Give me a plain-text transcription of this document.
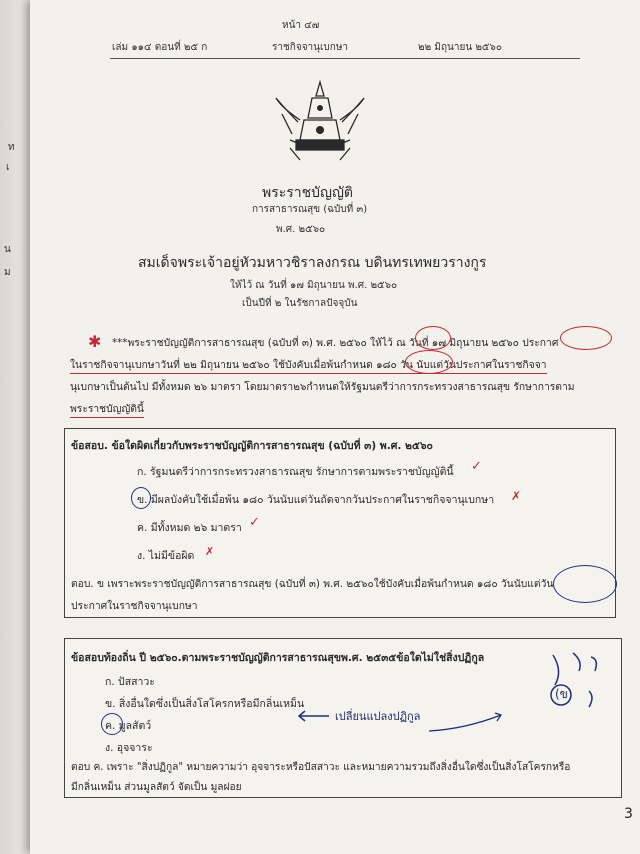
ท
เ
น
ม
หน้า ๔๗
เล่ม ๑๑๔ ตอนที่ ๒๕ ก	ราชกิจจานุเบกษา	๒๒ มิถุนายน ๒๕๖๐
พระราชบัญญัติ
การสาธารณสุข (ฉบับที่ ๓)
พ.ศ. ๒๕๖๐
สมเด็จพระเจ้าอยู่หัวมหาวชิราลงกรณ บดินทรเทพยวรางกูร
ให้ไว้ ณ วันที่ ๑๗ มิถุนายน พ.ศ. ๒๕๖๐
เป็นปีที่ ๒ ในรัชกาลปัจจุบัน
✱ ***พระราชบัญญัติการสาธารณสุข (ฉบับที่ ๓) พ.ศ. ๒๕๖๐ ให้ไว้ ณ วันที่ ๑๗ มิถุนายน ๒๕๖๐ ประกาศ
ในราชกิจจานุเบกษาวันที่ ๒๒ มิถุนายน ๒๕๖๐ ใช้บังคับเมื่อพ้นกำหนด ๑๘๐ วัน นับแต่วันประกาศในราชกิจจา
นุเบกษาเป็นต้นไป มีทั้งหมด ๒๖ มาตรา โดยมาตรา๒๖กำหนดให้รัฐมนตรีว่าการกระทรวงสาธารณสุข รักษาการตาม
พระราชบัญญัตินี้
ข้อสอบ. ข้อใดผิดเกี่ยวกับพระราชบัญญัติการสาธารณสุข (ฉบับที่ ๓) พ.ศ. ๒๕๖๐
ก. รัฐมนตรีว่าการกระทรวงสาธารณสุข รักษาการตามพระราชบัญญัตินี้ ✓
ข. มีผลบังคับใช้เมื่อพ้น ๑๘๐ วันนับแต่วันถัดจากวันประกาศในราชกิจจานุเบกษา ✗
ค. มีทั้งหมด ๒๖ มาตรา ✓
ง. ไม่มีข้อผิด ✗
ตอบ. ข เพราะพระราชบัญญัติการสาธารณสุข (ฉบับที่ ๓) พ.ศ. ๒๕๖๐ใช้บังคับเมื่อพ้นกำหนด ๑๘๐ วันนับแต่วัน
ประกาศในราชกิจจานุเบกษา
ข้อสอบท้องถิ่น ปี ๒๕๖๐.ตามพระราชบัญญัติการสาธารณสุขพ.ศ. ๒๕๓๕ข้อใดไม่ใช่สิ่งปฏิกูล
ก. ปัสสาวะ
ข. สิ่งอื่นใดซึ่งเป็นสิ่งโสโครกหรือมีกลิ่นเหม็น
ค. มูลสัตว์
ง. อุจจาระ
ตอบ ค. เพราะ "สิ่งปฏิกูล" หมายความว่า อุจจาระหรือปัสสาวะ และหมายความรวมถึงสิ่งอื่นใดซึ่งเป็นสิ่งโสโครกหรือ
มีกลิ่นเหม็น ส่วนมูลสัตว์ จัดเป็น มูลฝอย
เปลี่ยนแปลงปฏิกูล
(ข)
3
